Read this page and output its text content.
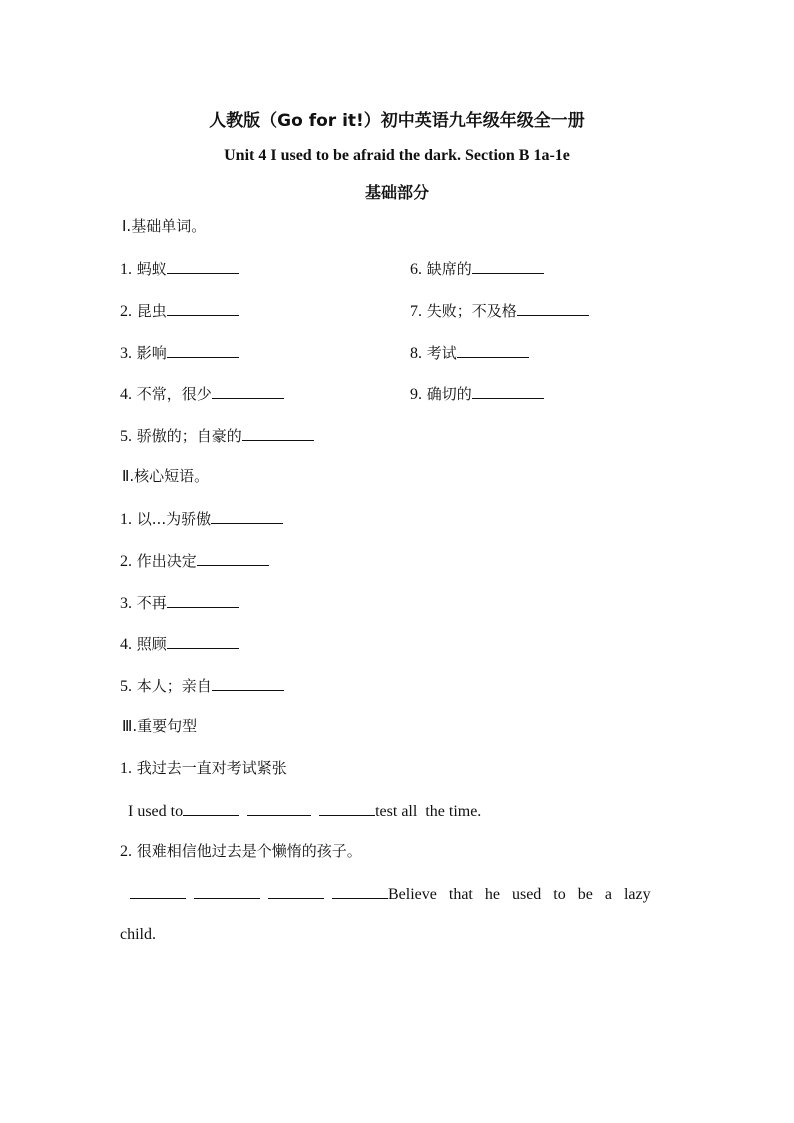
人教版（Go for it!）初中英语九年级年级全一册
Unit 4 I used to be afraid the dark. Section B 1a-1e
基础部分
Ⅰ.基础单词。
1. 蚂蚁
2. 昆虫
3. 影响
4. 不常，很少
5. 骄傲的；自豪的
6. 缺席的
7. 失败；不及格
8. 考试
9. 确切的
Ⅱ.核心短语。
1. 以...为骄傲
2. 作出决定
3. 不再
4. 照顾
5. 本人；亲自
Ⅲ.重要句型
1. 我过去一直对考试紧张
I used to	test all  the time.
2. 很难相信他过去是个懒惰的孩子。
Believe   that   he   used   to   be   a   lazy
child.
